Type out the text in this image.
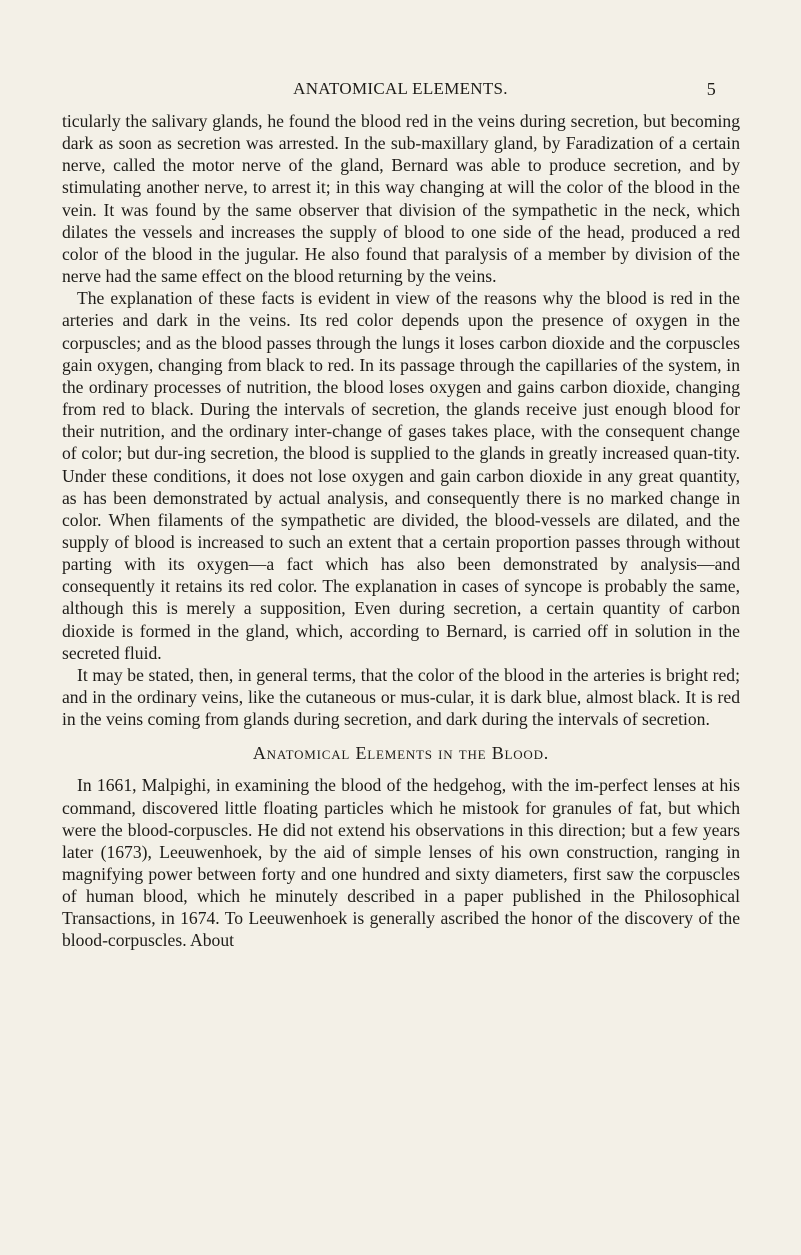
ANATOMICAL ELEMENTS.	5

ticularly the salivary glands, he found the blood red in the veins during secretion, but becoming dark as soon as secretion was arrested. In the sub-maxillary gland, by Faradization of a certain nerve, called the motor nerve of the gland, Bernard was able to produce secretion, and by stimulating another nerve, to arrest it; in this way changing at will the color of the blood in the vein. It was found by the same observer that division of the sympathetic in the neck, which dilates the vessels and increases the supply of blood to one side of the head, produced a red color of the blood in the jugular. He also found that paralysis of a member by division of the nerve had the same effect on the blood returning by the veins.

The explanation of these facts is evident in view of the reasons why the blood is red in the arteries and dark in the veins. Its red color depends upon the presence of oxygen in the corpuscles; and as the blood passes through the lungs it loses carbon dioxide and the corpuscles gain oxygen, changing from black to red. In its passage through the capillaries of the system, in the ordinary processes of nutrition, the blood loses oxygen and gains carbon dioxide, changing from red to black. During the intervals of secretion, the glands receive just enough blood for their nutrition, and the ordinary inter-change of gases takes place, with the consequent change of color; but dur-ing secretion, the blood is supplied to the glands in greatly increased quan-tity. Under these conditions, it does not lose oxygen and gain carbon dioxide in any great quantity, as has been demonstrated by actual analysis, and consequently there is no marked change in color. When filaments of the sympathetic are divided, the blood-vessels are dilated, and the supply of blood is increased to such an extent that a certain proportion passes through without parting with its oxygen—a fact which has also been demonstrated by analysis—and consequently it retains its red color. The explanation in cases of syncope is probably the same, although this is merely a supposition, Even during secretion, a certain quantity of carbon dioxide is formed in the gland, which, according to Bernard, is carried off in solution in the secreted fluid.

It may be stated, then, in general terms, that the color of the blood in the arteries is bright red; and in the ordinary veins, like the cutaneous or mus-cular, it is dark blue, almost black. It is red in the veins coming from glands during secretion, and dark during the intervals of secretion.

Anatomical Elements in the Blood.

In 1661, Malpighi, in examining the blood of the hedgehog, with the im-perfect lenses at his command, discovered little floating particles which he mistook for granules of fat, but which were the blood-corpuscles. He did not extend his observations in this direction; but a few years later (1673), Leeuwenhoek, by the aid of simple lenses of his own construction, ranging in magnifying power between forty and one hundred and sixty diameters, first saw the corpuscles of human blood, which he minutely described in a paper published in the Philosophical Transactions, in 1674. To Leeuwenhoek is generally ascribed the honor of the discovery of the blood-corpuscles. About
